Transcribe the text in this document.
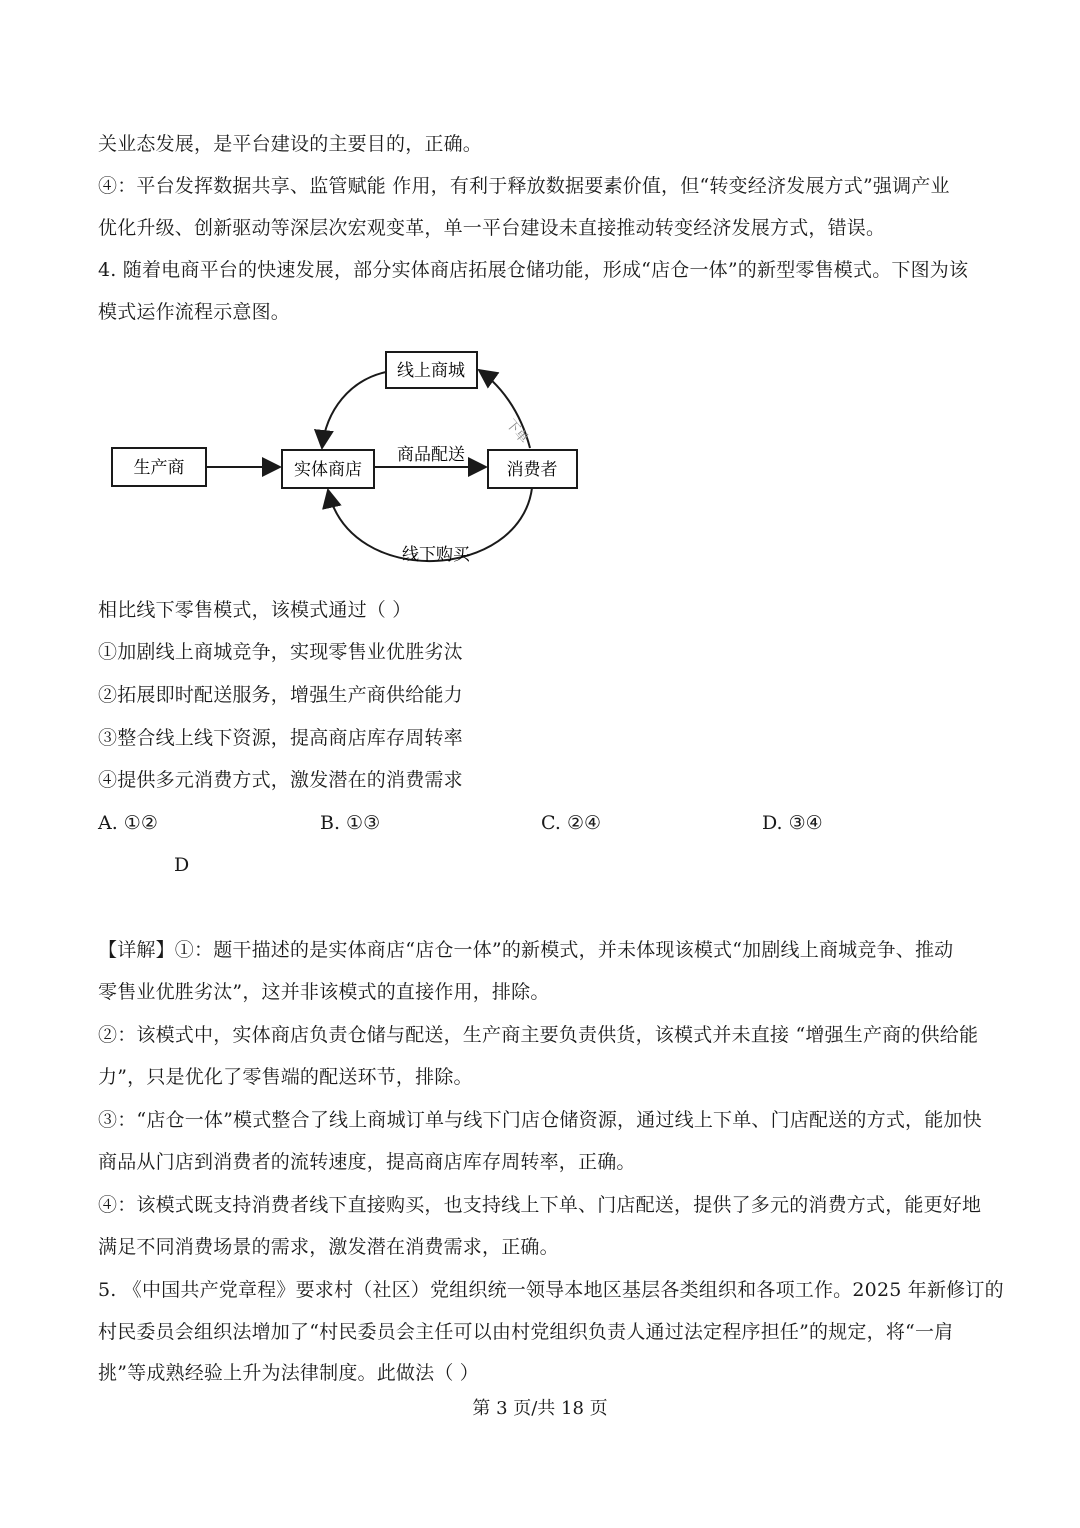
关业态发展，是平台建设的主要目的，正确。
④：平台发挥数据共享、监管赋能 作用，有利于释放数据要素价值，但“转变经济发展方式”强调产业
优化升级、创新驱动等深层次宏观变革，单一平台建设未直接推动转变经济发展方式，错误。
4. 随着电商平台的快速发展，部分实体商店拓展仓储功能，形成“店仓一体”的新型零售模式。下图为该
模式运作流程示意图。
线上商城
生产商	实体商店	消费者
商品配送
下单
线下购买
相比线下零售模式，该模式通过（ ）
①加剧线上商城竞争，实现零售业优胜劣汰
②拓展即时配送服务，增强生产商供给能力
③整合线上线下资源，提高商店库存周转率
④提供多元消费方式，激发潜在的消费需求
A. ①②	B. ①③	C. ②④	D. ③④
D
【详解】①：题干描述的是实体商店“店仓一体”的新模式，并未体现该模式“加剧线上商城竞争、推动
零售业优胜劣汰”，这并非该模式的直接作用，排除。
②：该模式中，实体商店负责仓储与配送，生产商主要负责供货，该模式并未直接 “增强生产商的供给能
力”，只是优化了零售端的配送环节，排除。
③：“店仓一体”模式整合了线上商城订单与线下门店仓储资源，通过线上下单、门店配送的方式，能加快
商品从门店到消费者的流转速度，提高商店库存周转率，正确。
④：该模式既支持消费者线下直接购买，也支持线上下单、门店配送，提供了多元的消费方式，能更好地
满足不同消费场景的需求，激发潜在消费需求，正确。
5. 《中国共产党章程》要求村（社区）党组织统一领导本地区基层各类组织和各项工作。2025 年新修订的
村民委员会组织法增加了“村民委员会主任可以由村党组织负责人通过法定程序担任”的规定，将“一肩
挑”等成熟经验上升为法律制度。此做法（ ）
第 3 页/共 18 页
